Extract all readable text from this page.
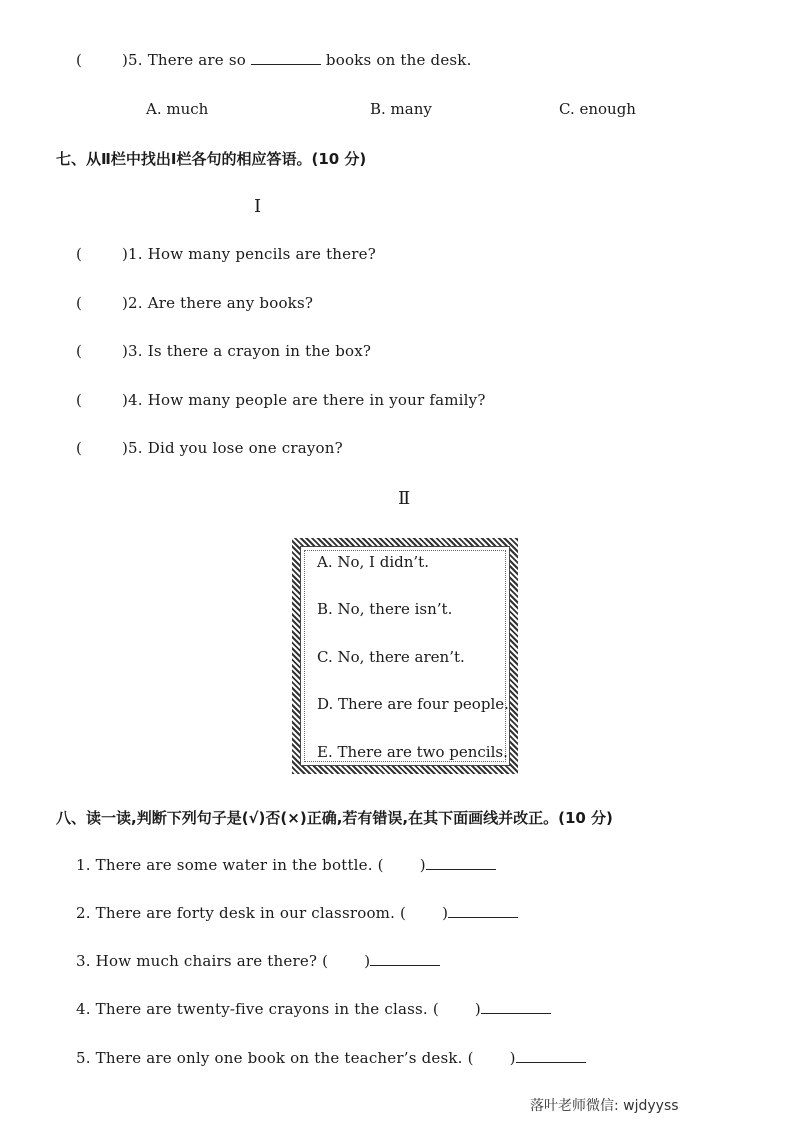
(	)5. There are so	books on the desk.
A. much	B. many	C. enough
七、从Ⅱ栏中找出Ⅰ栏各句的相应答语。(10 分)
Ⅰ
(	)1. How many pencils are there?
(	)2. Are there any books?
(	)3. Is there a crayon in the box?
(	)4. How many people are there in your family?
(	)5. Did you lose one crayon?
Ⅱ
A. No, I didn’t.
B. No, there isn’t.
C. No, there aren’t.
D. There are four people.
E. There are two pencils.
八、读一读,判断下列句子是(√)否(×)正确,若有错误,在其下面画线并改正。(10 分)
1. There are some water in the bottle. ( )
2. There are forty desk in our classroom. ( )
3. How much chairs are there? ( )
4. There are twenty-five crayons in the class. ( )
5. There are only one book on the teacher’s desk. ( )
落叶老师微信: wjdyyss
